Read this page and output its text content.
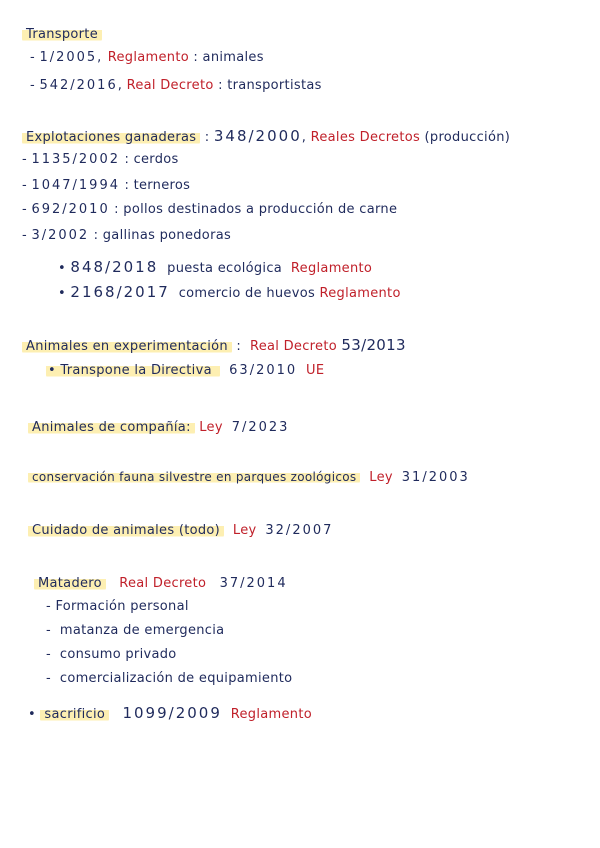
Transporte
- 1/2005, Reglamento : animales
- 542/2016, Real Decreto : transportistas
Explotaciones ganaderas : 348/2000, Reales Decretos (producción)
- 1135/2002 : cerdos
- 1047/1994 : terneros
- 692/2010 : pollos destinados a producción de carne
- 3/2002 : gallinas ponedoras
• 848/2018 puesta ecológica Reglamento
• 2168/2017 comercio de huevos Reglamento
Animales en experimentación : Real Decreto 53/2013
• Transpone la Directiva 63/2010 UE
Animales de compañía: Ley 7/2023
conservación fauna silvestre en parques zoológicos Ley 31/2003
Cuidado de animales (todo) Ley 32/2007
Matadero Real Decreto 37/2014
- Formación personal
- matanza de emergencia
- consumo privado
- comercialización de equipamiento
• sacrificio 1099/2009 Reglamento
